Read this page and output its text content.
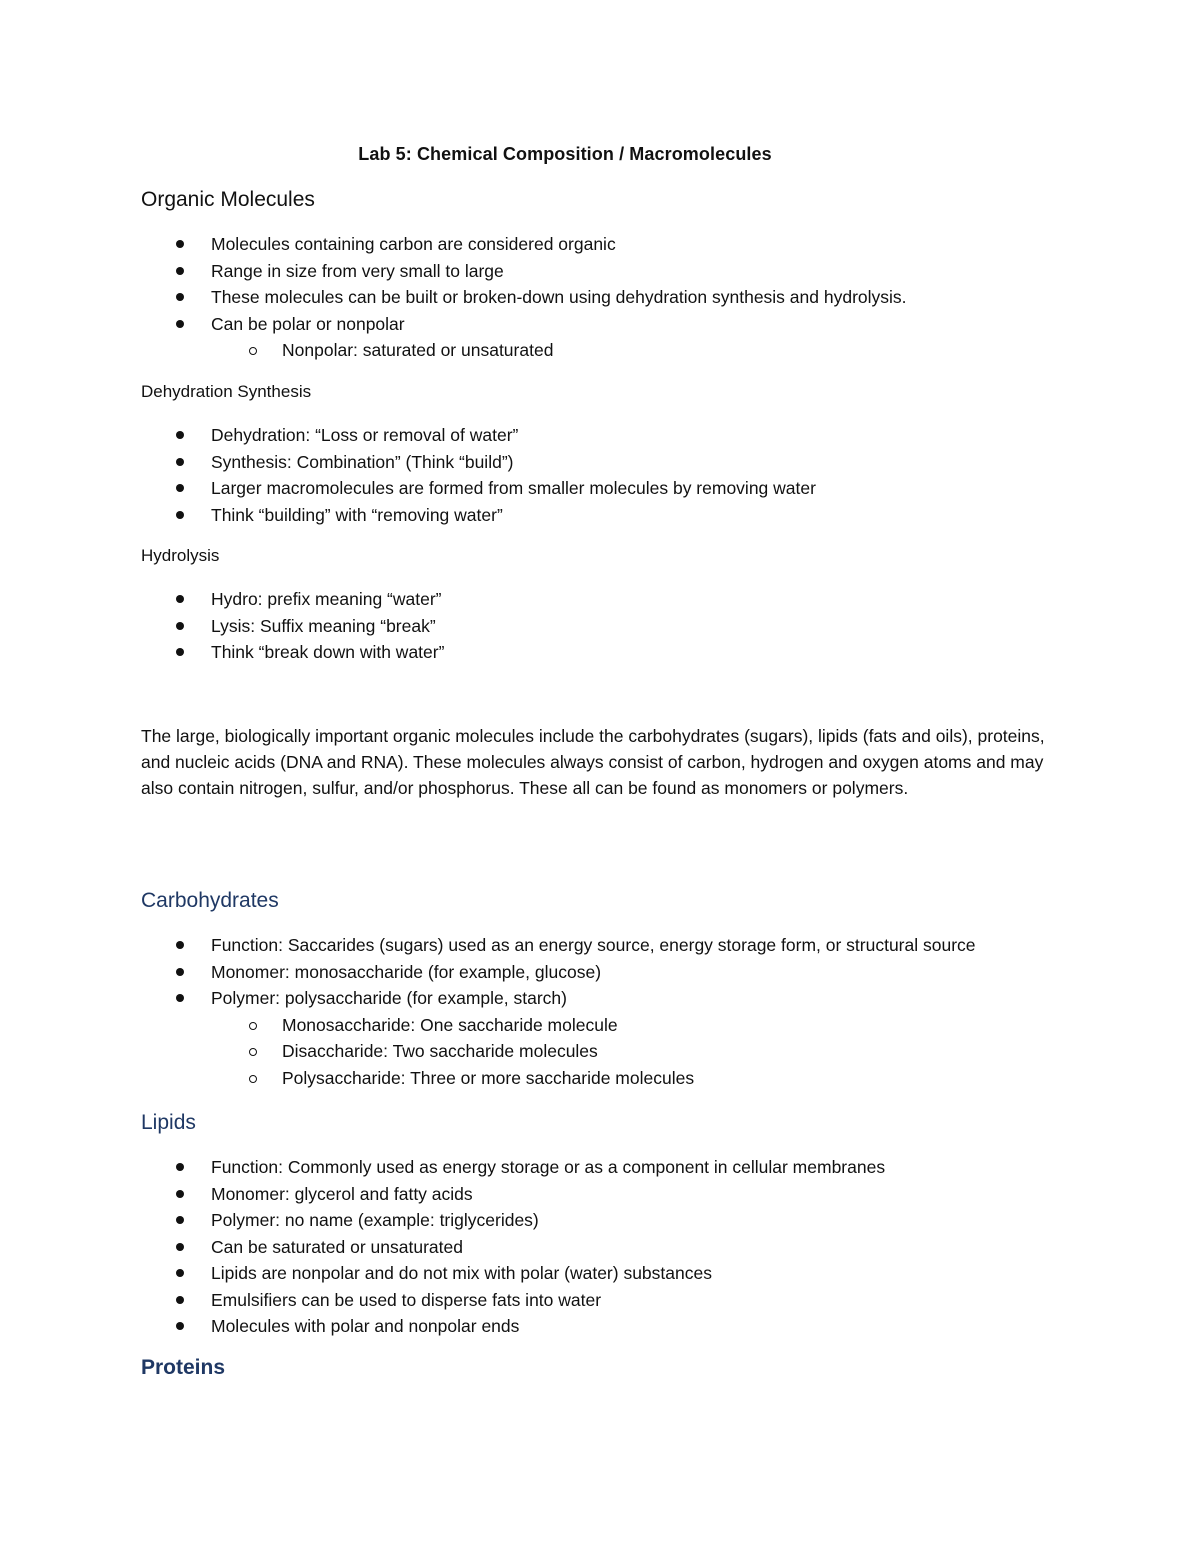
Lab 5: Chemical Composition / Macromolecules
Organic Molecules
Molecules containing carbon are considered organic
Range in size from very small to large
These molecules can be built or broken-down using dehydration synthesis and hydrolysis.
Can be polar or nonpolar
Nonpolar: saturated or unsaturated
Dehydration Synthesis
Dehydration: “Loss or removal of water”
Synthesis: Combination” (Think “build”)
Larger macromolecules are formed from smaller molecules by removing water
Think “building” with “removing water”
Hydrolysis
Hydro: prefix meaning “water”
Lysis: Suffix meaning “break”
Think “break down with water”
The large, biologically important organic molecules include the carbohydrates (sugars), lipids (fats and oils), proteins, and nucleic acids (DNA and RNA). These molecules always consist of carbon, hydrogen and oxygen atoms and may also contain nitrogen, sulfur, and/or phosphorus. These all can be found as monomers or polymers.
Carbohydrates
Function: Saccarides (sugars) used as an energy source, energy storage form, or structural source
Monomer: monosaccharide (for example, glucose)
Polymer: polysaccharide (for example, starch)
Monosaccharide: One saccharide molecule
Disaccharide: Two saccharide molecules
Polysaccharide: Three or more saccharide molecules
Lipids
Function: Commonly used as energy storage or as a component in cellular membranes
Monomer: glycerol and fatty acids
Polymer: no name (example: triglycerides)
Can be saturated or unsaturated
Lipids are nonpolar and do not mix with polar (water) substances
Emulsifiers can be used to disperse fats into water
Molecules with polar and nonpolar ends
Proteins
